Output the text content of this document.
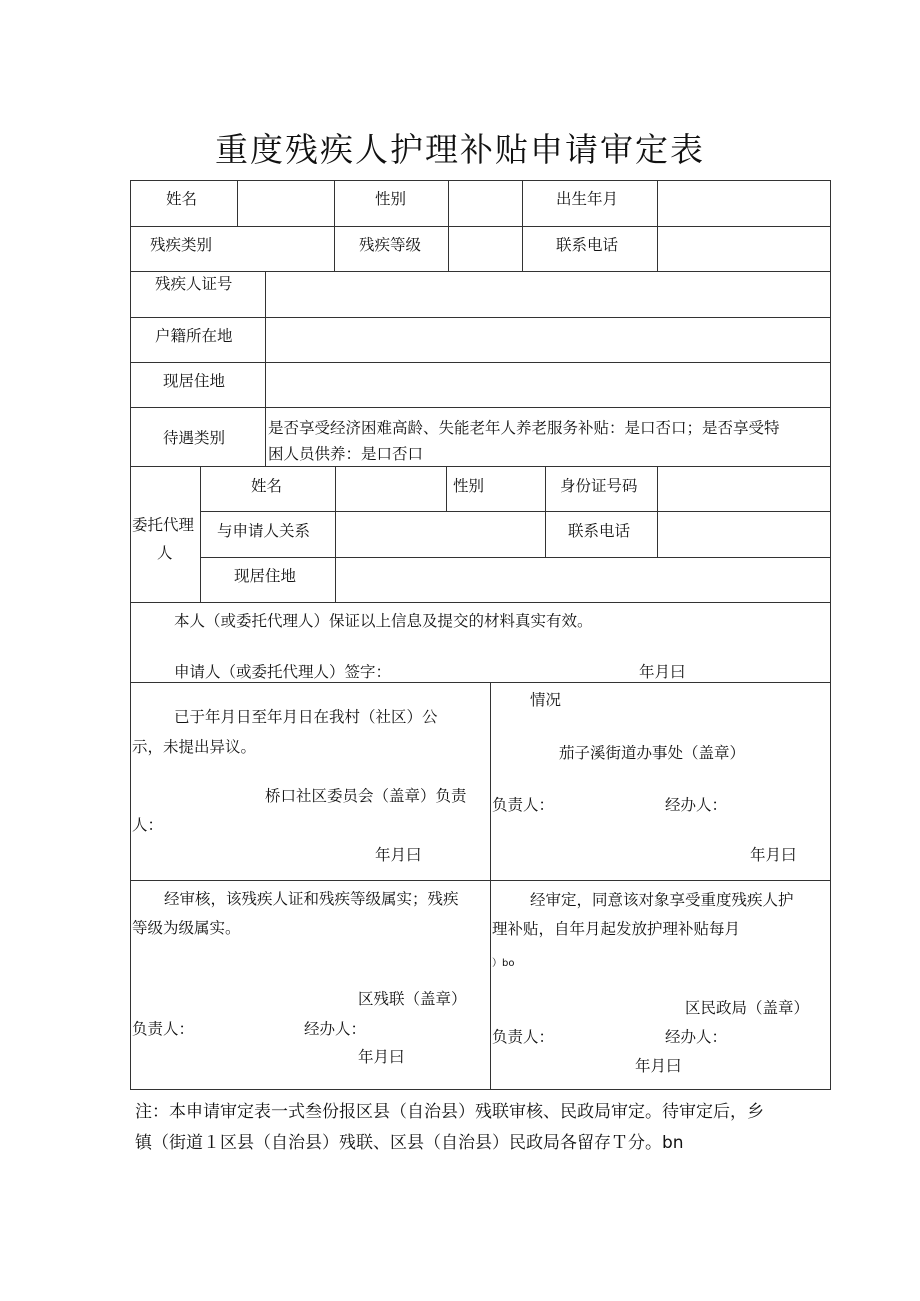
重度残疾人护理补贴申请审定表
姓名	性别	出生年月
残疾类别	残疾等级	联系电话
残疾人证号
户籍所在地
现居住地
待遇类别
是否享受经济困难高龄、失能老年人养老服务补贴：是口否口；是否享受特
困人员供养：是口否口
委托代理
人
姓名	性别	身份证号码
与申请人关系	联系电话
现居住地
本人（或委托代理人）保证以上信息及提交的材料真实有效。
申请人（或委托代理人）签字：	年月曰
已于年月日至年月日在我村（社区）公
示，未提出异议。
桥口社区委员会（盖章）负责
人：
年月曰
情况
茄子溪街道办事处（盖章）
负责人：	经办人：
年月曰
经审核，该残疾人证和残疾等级属实；残疾
等级为级属实。
区残联（盖章）
负责人：	经办人：
年月曰
经审定，同意该对象享受重度残疾人护
理补贴，自年月起发放护理补贴每月
）bo
区民政局（盖章）
负责人：	经办人：
年月曰
注：本申请审定表一式叁份报区县（自治县）残联审核、民政局审定。待审定后，乡
镇（街道１区县（自治县）残联、区县（自治县）民政局各留存Ｔ分。bn
